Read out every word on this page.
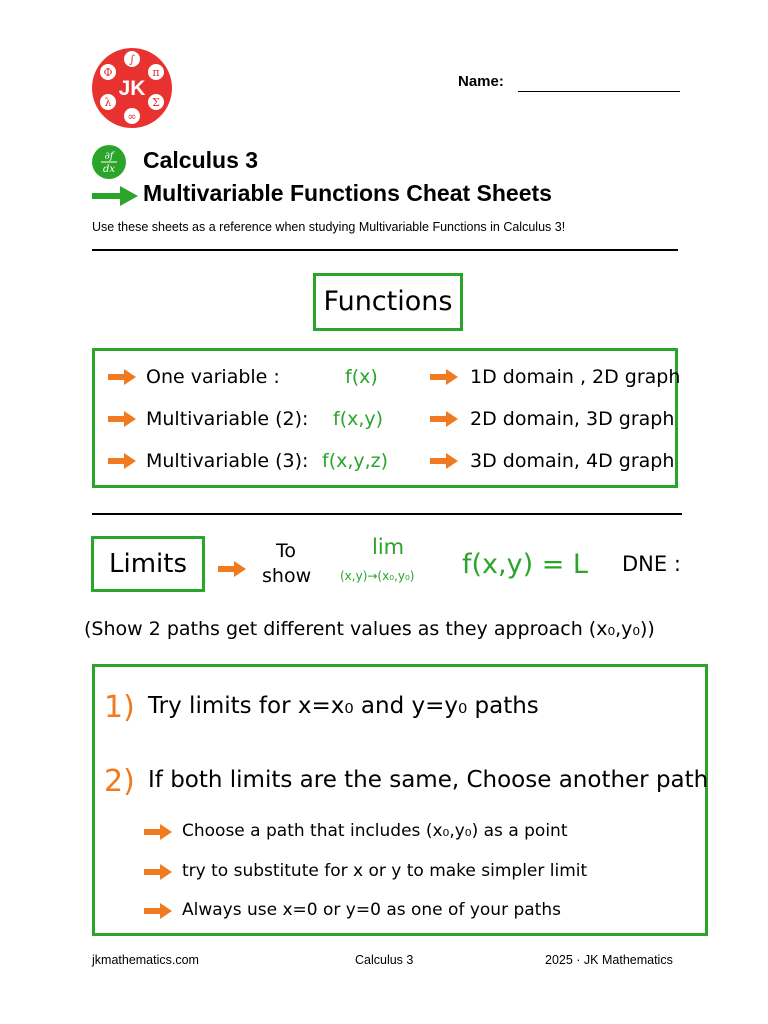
Φ
∫
π
Σ
∞
λ
JK	Name:
∂f
dx Calculus 3
Multivariable Functions Cheat Sheets
Use these sheets as a reference when studying Multivariable Functions in Calculus 3!
Functions
One variable :	f(x)	1D domain , 2D graph
Multivariable (2): f(x,y)	2D domain, 3D graph
Multivariable (3): f(x,y,z)	3D domain, 4D graph
Limits	To
show
lim
(x,y)→(x₀,y₀) f(x,y) = L DNE :
(Show 2 paths get different values as they approach (x₀,y₀))
1) Try limits for x=x₀ and y=y₀ paths
2) If both limits are the same, Choose another path
Choose a path that includes (x₀,y₀) as a point
try to substitute for x or y to make simpler limit
Always use x=0 or y=0 as one of your paths
jkmathematics.com	Calculus 3	2025 · JK Mathematics
